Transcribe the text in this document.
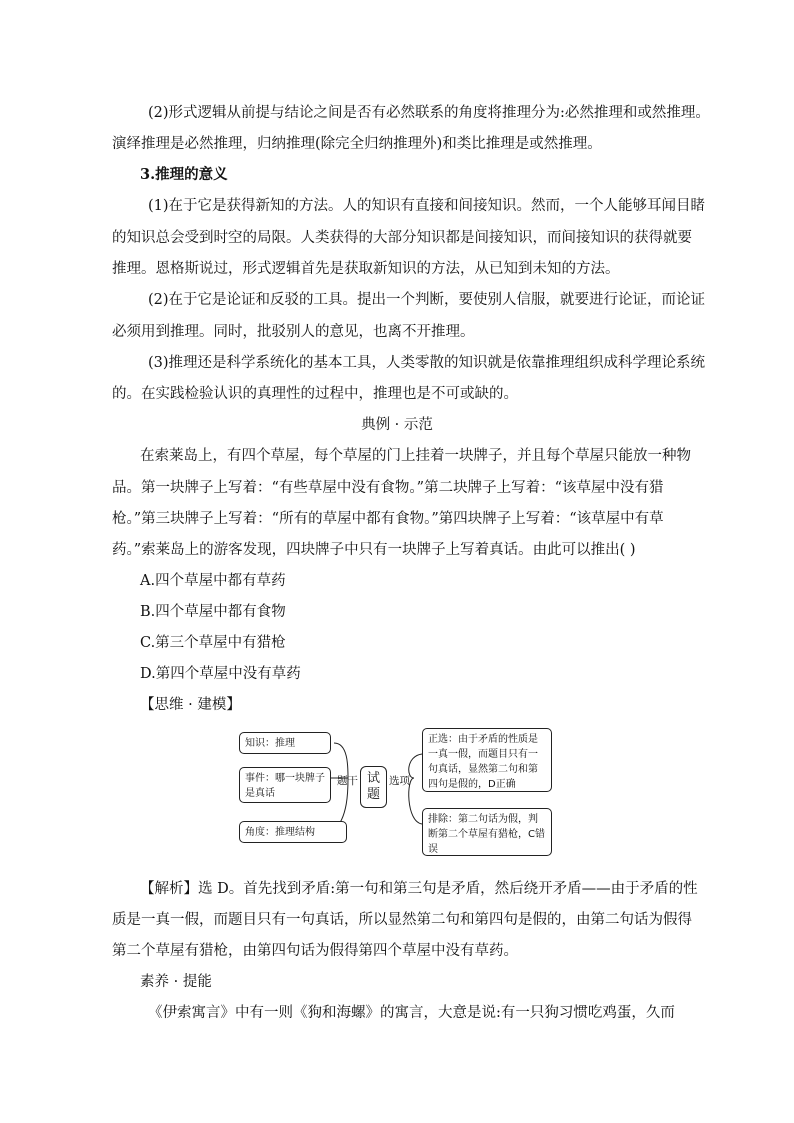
(2)形式逻辑从前提与结论之间是否有必然联系的角度将推理分为:必然推理和或然推理。
演绎推理是必然推理，归纳推理(除完全归纳推理外)和类比推理是或然推理。
3.推理的意义
(1)在于它是获得新知的方法。人的知识有直接和间接知识。然而，一个人能够耳闻目睹
的知识总会受到时空的局限。人类获得的大部分知识都是间接知识，而间接知识的获得就要
推理。恩格斯说过，形式逻辑首先是获取新知识的方法，从已知到未知的方法。
(2)在于它是论证和反驳的工具。提出一个判断，要使别人信服，就要进行论证，而论证
必须用到推理。同时，批驳别人的意见，也离不开推理。
(3)推理还是科学系统化的基本工具，人类零散的知识就是依靠推理组织成科学理论系统
的。在实践检验认识的真理性的过程中，推理也是不可或缺的。
典例 · 示范
在索莱岛上，有四个草屋，每个草屋的门上挂着一块牌子，并且每个草屋只能放一种物
品。第一块牌子上写着：“有些草屋中没有食物。”第二块牌子上写着：“该草屋中没有猎
枪。”第三块牌子上写着：“所有的草屋中都有食物。”第四块牌子上写着：“该草屋中有草
药。”索莱岛上的游客发现，四块牌子中只有一块牌子上写着真话。由此可以推出( )
A.四个草屋中都有草药
B.四个草屋中都有食物
C.第三个草屋中有猎枪
D.第四个草屋中没有草药
【思维 · 建模】
知识：推理
事件：哪一块牌子是真话
角度：推理结构
题干 试
题
选项
正选：由于矛盾的性质是一真一假，而题目只有一句真话，显然第二句和第四句是假的，D正确
排除：第二句话为假，判断第二个草屋有猎枪，C错误
【解析】选 D。首先找到矛盾:第一句和第三句是矛盾，然后绕开矛盾——由于矛盾的性
质是一真一假，而题目只有一句真话，所以显然第二句和第四句是假的，由第二句话为假得
第二个草屋有猎枪，由第四句话为假得第四个草屋中没有草药。
素养 · 提能
《伊索寓言》中有一则《狗和海螺》的寓言，大意是说:有一只狗习惯吃鸡蛋，久而
